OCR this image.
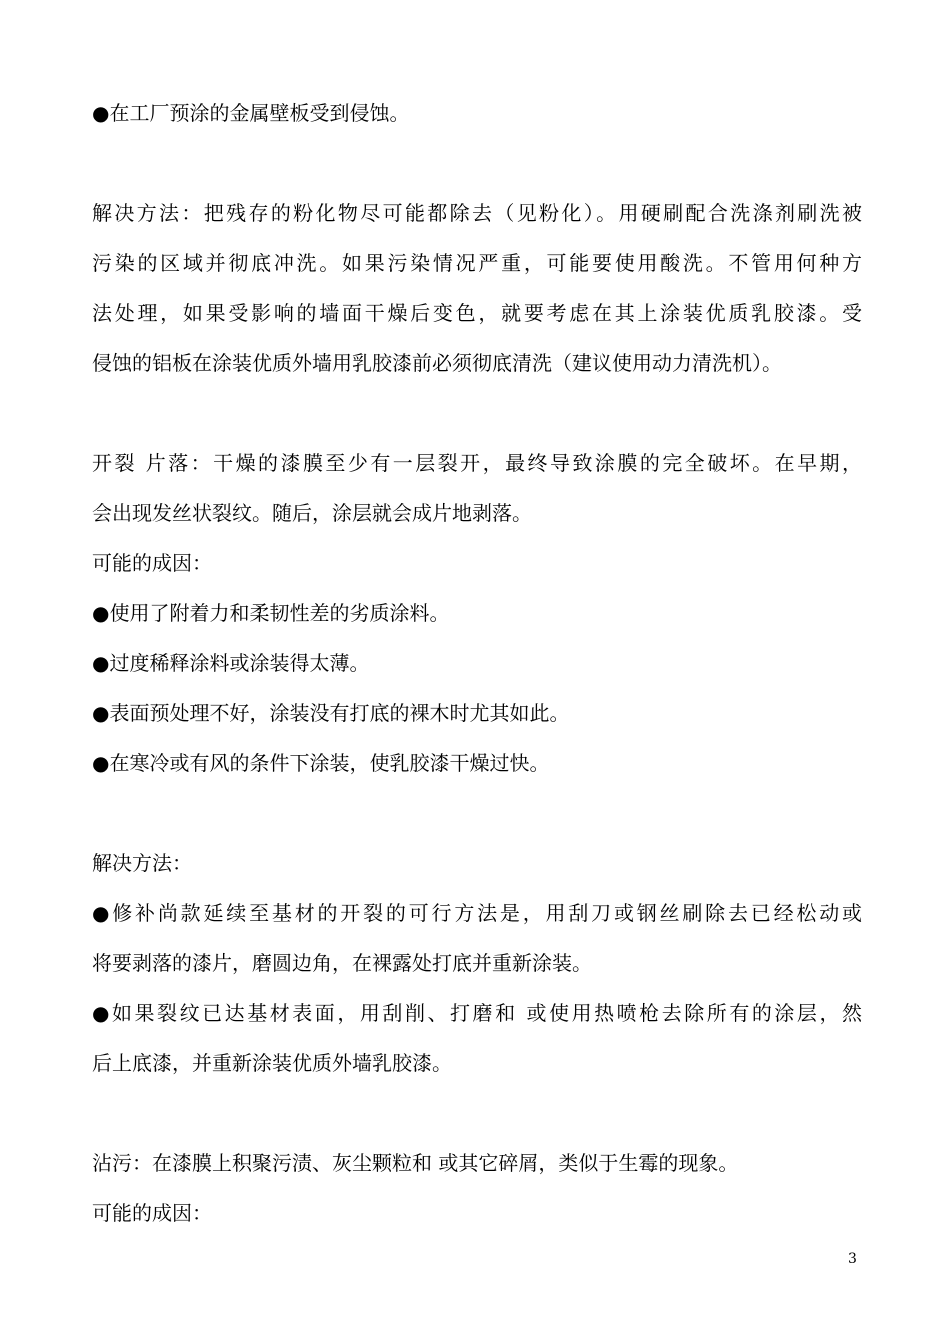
●在工厂预涂的金属壁板受到侵蚀。
解决方法：把残存的粉化物尽可能都除去（见粉化）。用硬刷配合洗涤剂刷洗被
污染的区域并彻底冲洗。如果污染情况严重，可能要使用酸洗。不管用何种方
法处理，如果受影响的墙面干燥后变色，就要考虑在其上涂装优质乳胶漆。受
侵蚀的铝板在涂装优质外墙用乳胶漆前必须彻底清洗（建议使用动力清洗机）。
开裂 片落：干燥的漆膜至少有一层裂开，最终导致涂膜的完全破坏。在早期，
会出现发丝状裂纹。随后，涂层就会成片地剥落。
可能的成因：
●使用了附着力和柔韧性差的劣质涂料。
●过度稀释涂料或涂装得太薄。
●表面预处理不好，涂装没有打底的裸木时尤其如此。
●在寒冷或有风的条件下涂装，使乳胶漆干燥过快。
解决方法：
●修补尚款延续至基材的开裂的可行方法是，用刮刀或钢丝刷除去已经松动或
将要剥落的漆片，磨圆边角，在裸露处打底并重新涂装。
●如果裂纹已达基材表面，用刮削、打磨和 或使用热喷枪去除所有的涂层，然
后上底漆，并重新涂装优质外墙乳胶漆。
沾污：在漆膜上积聚污渍、灰尘颗粒和 或其它碎屑，类似于生霉的现象。
可能的成因：
3
